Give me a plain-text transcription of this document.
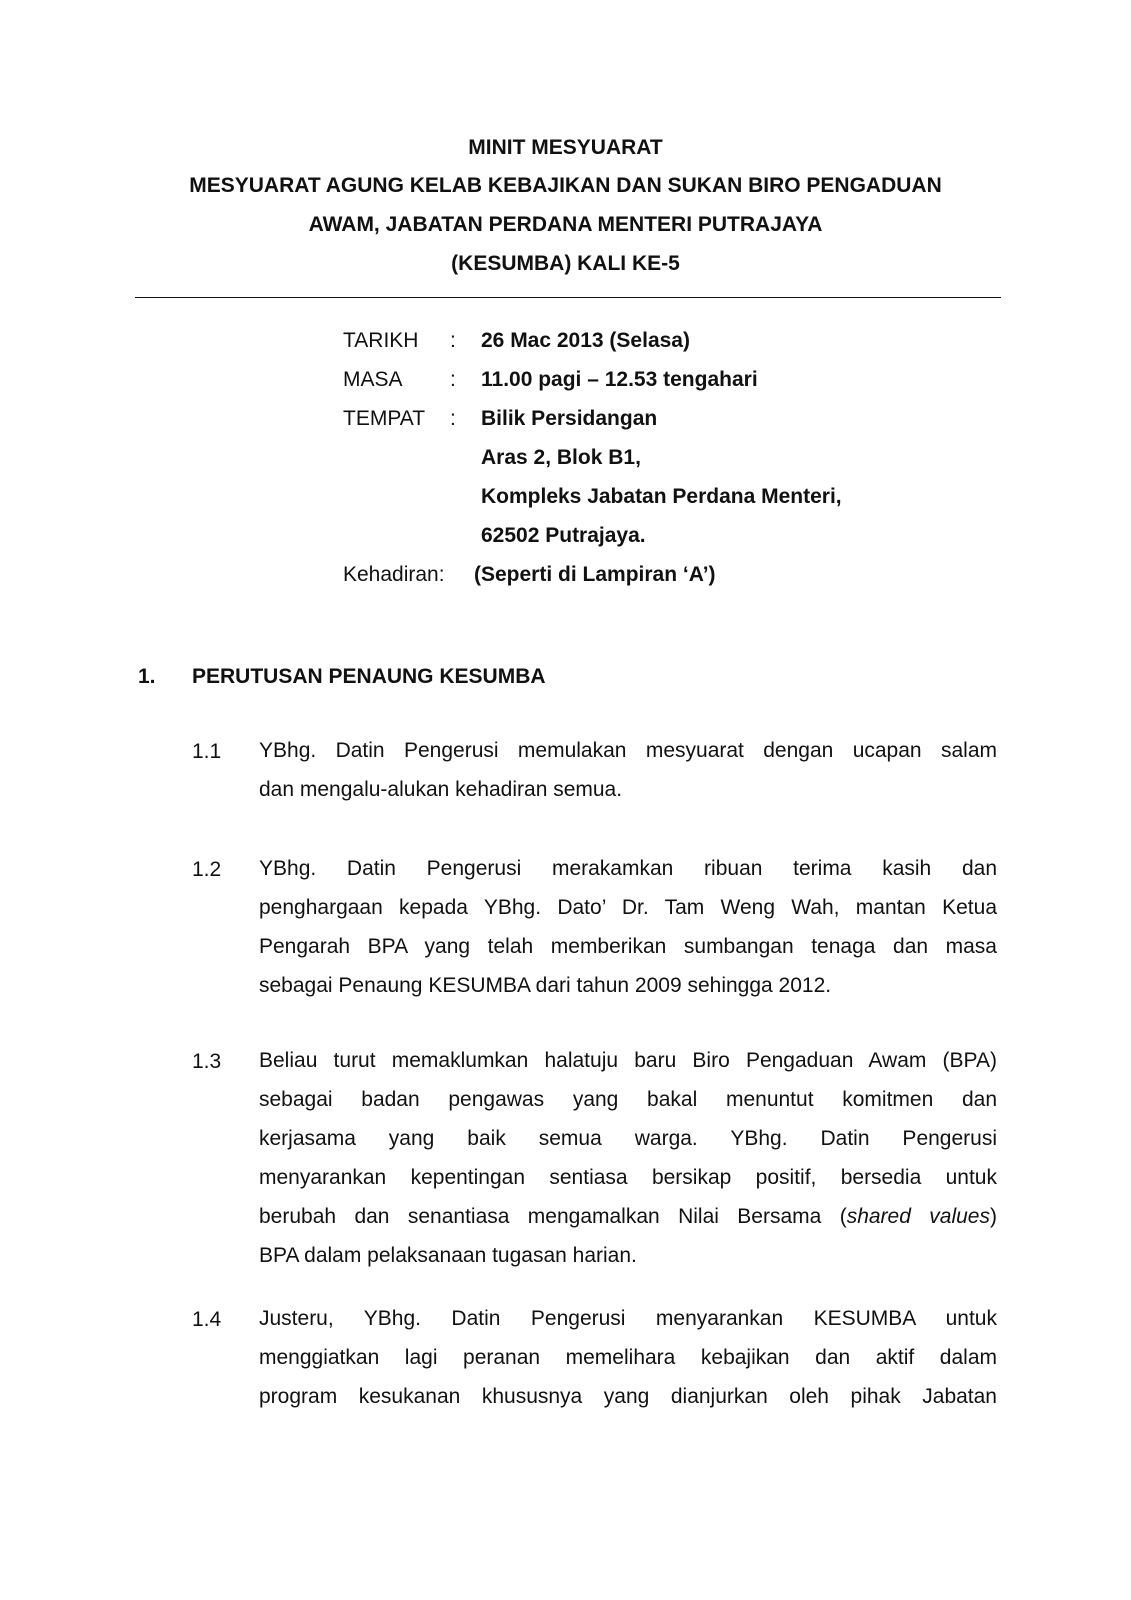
MINIT MESYUARAT
MESYUARAT AGUNG KELAB KEBAJIKAN DAN SUKAN BIRO PENGADUAN
AWAM, JABATAN PERDANA MENTERI PUTRAJAYA
(KESUMBA) KALI KE-5
TARIKH : 26 Mac 2013 (Selasa)
MASA : 11.00 pagi – 12.53 tengahari
TEMPAT : Bilik Persidangan
Aras 2, Blok B1,
Kompleks Jabatan Perdana Menteri,
62502 Putrajaya.
Kehadiran: (Seperti di Lampiran ‘A’)
1. PERUTUSAN PENAUNG KESUMBA
1.1 YBhg. Datin Pengerusi memulakan mesyuarat dengan ucapan salam
dan mengalu-alukan kehadiran semua.
1.2 YBhg. Datin Pengerusi merakamkan ribuan terima kasih dan
penghargaan kepada YBhg. Dato’ Dr. Tam Weng Wah, mantan Ketua
Pengarah BPA yang telah memberikan sumbangan tenaga dan masa
sebagai Penaung KESUMBA dari tahun 2009 sehingga 2012.
1.3 Beliau turut memaklumkan halatuju baru Biro Pengaduan Awam (BPA)
sebagai badan pengawas yang bakal menuntut komitmen dan
kerjasama yang baik semua warga. YBhg. Datin Pengerusi
menyarankan kepentingan sentiasa bersikap positif, bersedia untuk
berubah dan senantiasa mengamalkan Nilai Bersama (shared values)
BPA dalam pelaksanaan tugasan harian.
1.4 Justeru, YBhg. Datin Pengerusi menyarankan KESUMBA untuk
menggiatkan lagi peranan memelihara kebajikan dan aktif dalam
program kesukanan khususnya yang dianjurkan oleh pihak Jabatan
